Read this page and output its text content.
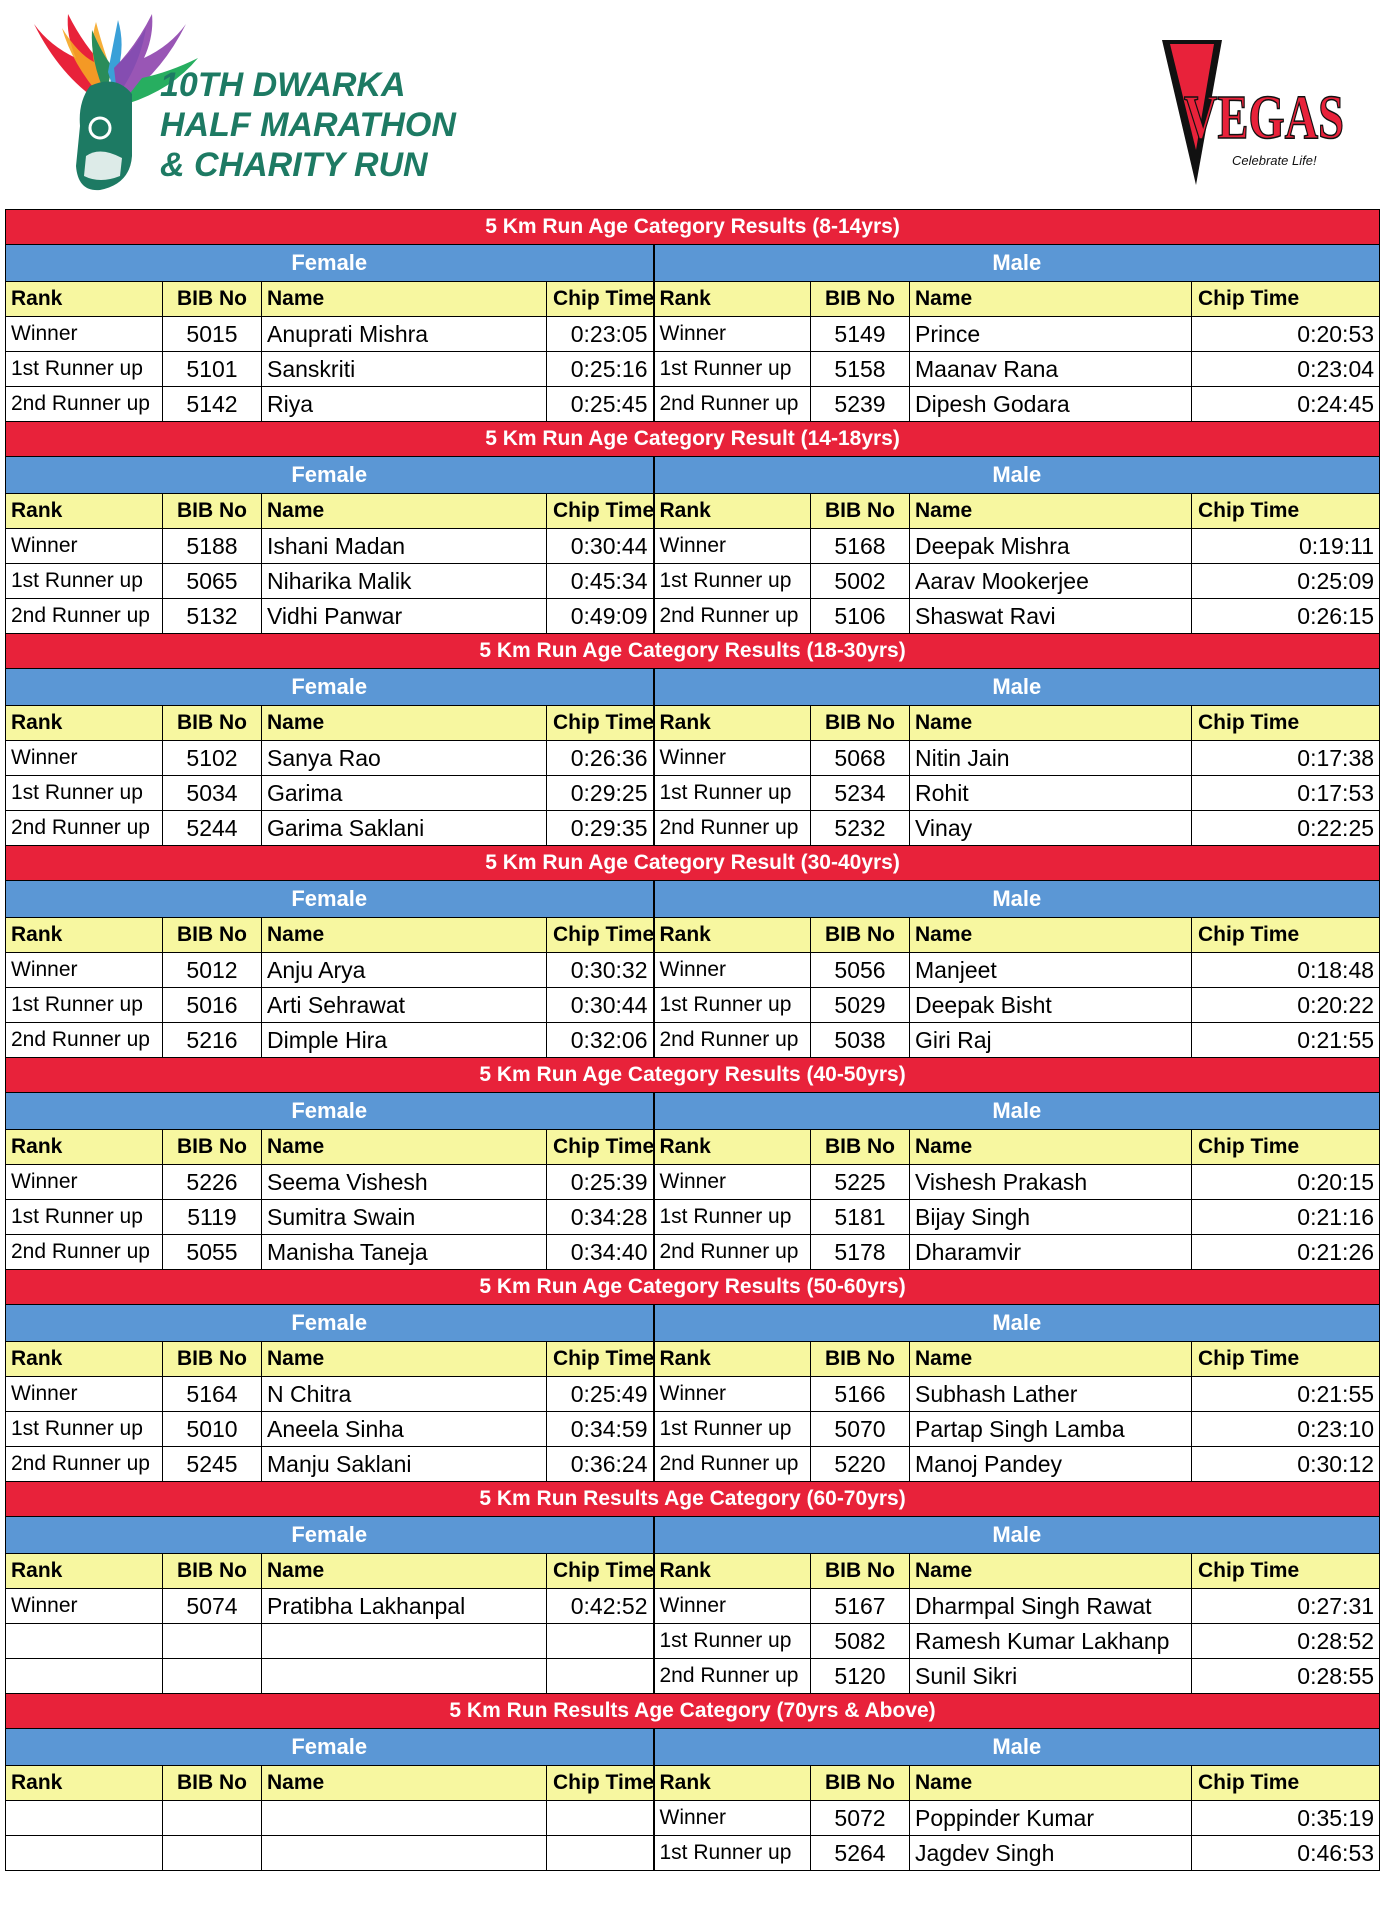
10TH DWARKA
HALF MARATHON
& CHARITY RUN
VEGAS
Celebrate Life!
5 Km Run Age Category Results (8-14yrs)							
Female				Male			
Rank	BIB No	Name	Chip Time	Rank	BIB No	Name	Chip Time
Winner	5015	Anuprati Mishra	0:23:05	Winner	5149	Prince	0:20:53
1st Runner up	5101	Sanskriti	0:25:16	1st Runner up	5158	Maanav Rana	0:23:04
2nd Runner up	5142	Riya	0:25:45	2nd Runner up	5239	Dipesh Godara	0:24:45
5 Km Run Age Category Result (14-18yrs)							
Female				Male			
Rank	BIB No	Name	Chip Time	Rank	BIB No	Name	Chip Time
Winner	5188	Ishani Madan	0:30:44	Winner	5168	Deepak Mishra	0:19:11
1st Runner up	5065	Niharika Malik	0:45:34	1st Runner up	5002	Aarav Mookerjee	0:25:09
2nd Runner up	5132	Vidhi Panwar	0:49:09	2nd Runner up	5106	Shaswat Ravi	0:26:15
5 Km Run Age Category Results (18-30yrs)							
Female				Male			
Rank	BIB No	Name	Chip Time	Rank	BIB No	Name	Chip Time
Winner	5102	Sanya Rao	0:26:36	Winner	5068	Nitin Jain	0:17:38
1st Runner up	5034	Garima	0:29:25	1st Runner up	5234	Rohit	0:17:53
2nd Runner up	5244	Garima Saklani	0:29:35	2nd Runner up	5232	Vinay	0:22:25
5 Km Run Age Category Result (30-40yrs)							
Female				Male			
Rank	BIB No	Name	Chip Time	Rank	BIB No	Name	Chip Time
Winner	5012	Anju Arya	0:30:32	Winner	5056	Manjeet	0:18:48
1st Runner up	5016	Arti Sehrawat	0:30:44	1st Runner up	5029	Deepak Bisht	0:20:22
2nd Runner up	5216	Dimple Hira	0:32:06	2nd Runner up	5038	Giri Raj	0:21:55
5 Km Run Age Category Results (40-50yrs)							
Female				Male			
Rank	BIB No	Name	Chip Time	Rank	BIB No	Name	Chip Time
Winner	5226	Seema Vishesh	0:25:39	Winner	5225	Vishesh Prakash	0:20:15
1st Runner up	5119	Sumitra Swain	0:34:28	1st Runner up	5181	Bijay Singh	0:21:16
2nd Runner up	5055	Manisha Taneja	0:34:40	2nd Runner up	5178	Dharamvir	0:21:26
5 Km Run Age Category Results (50-60yrs)							
Female				Male			
Rank	BIB No	Name	Chip Time	Rank	BIB No	Name	Chip Time
Winner	5164	N Chitra	0:25:49	Winner	5166	Subhash Lather	0:21:55
1st Runner up	5010	Aneela Sinha	0:34:59	1st Runner up	5070	Partap Singh Lamba	0:23:10
2nd Runner up	5245	Manju Saklani	0:36:24	2nd Runner up	5220	Manoj Pandey	0:30:12
5 Km Run Results Age Category (60-70yrs)							
Female				Male			
Rank	BIB No	Name	Chip Time	Rank	BIB No	Name	Chip Time
Winner	5074	Pratibha Lakhanpal	0:42:52	Winner	5167	Dharmpal Singh Rawat	0:27:31
				1st Runner up	5082	Ramesh Kumar Lakhanp	0:28:52
				2nd Runner up	5120	Sunil Sikri	0:28:55
5 Km Run Results Age Category (70yrs & Above)							
Female				Male			
Rank	BIB No	Name	Chip Time	Rank	BIB No	Name	Chip Time
				Winner	5072	Poppinder Kumar	0:35:19
				1st Runner up	5264	Jagdev Singh	0:46:53
